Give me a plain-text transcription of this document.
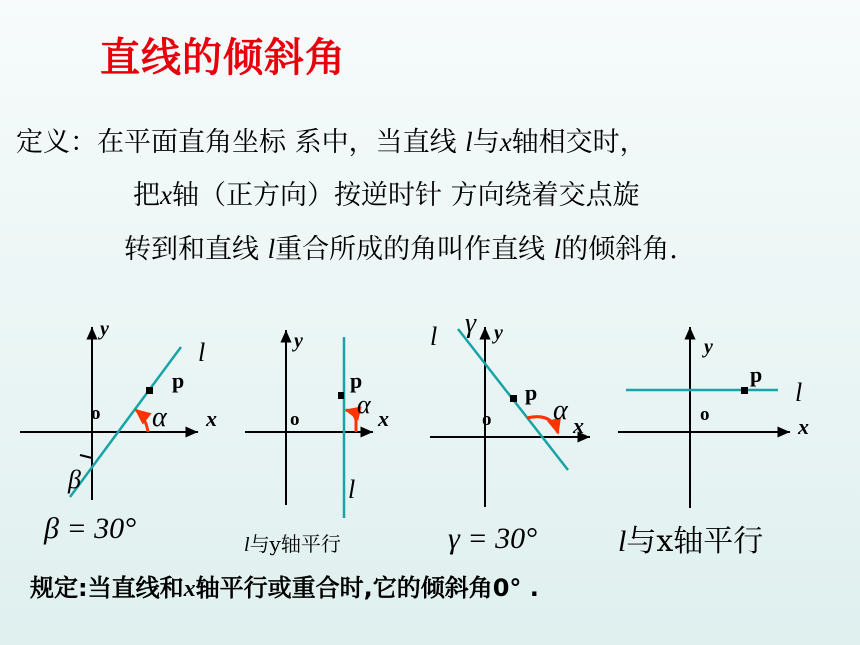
直线的倾斜角
定义：在平面直角坐标 系中，当直线 l与x轴相交时，
把x轴（正方向）按逆时针 方向绕着交点旋
转到和直线 l重合所成的角叫作直线 l的倾斜角.
y
l
p
o α x
β
β = 30°
y
p
α
o	x
l
l与y轴平行
l γ y
p
α
o	x
γ = 30°
y
p
l
o	x
l与x轴平行
规定:当直线和x轴平行或重合时,它的倾斜角0° .
